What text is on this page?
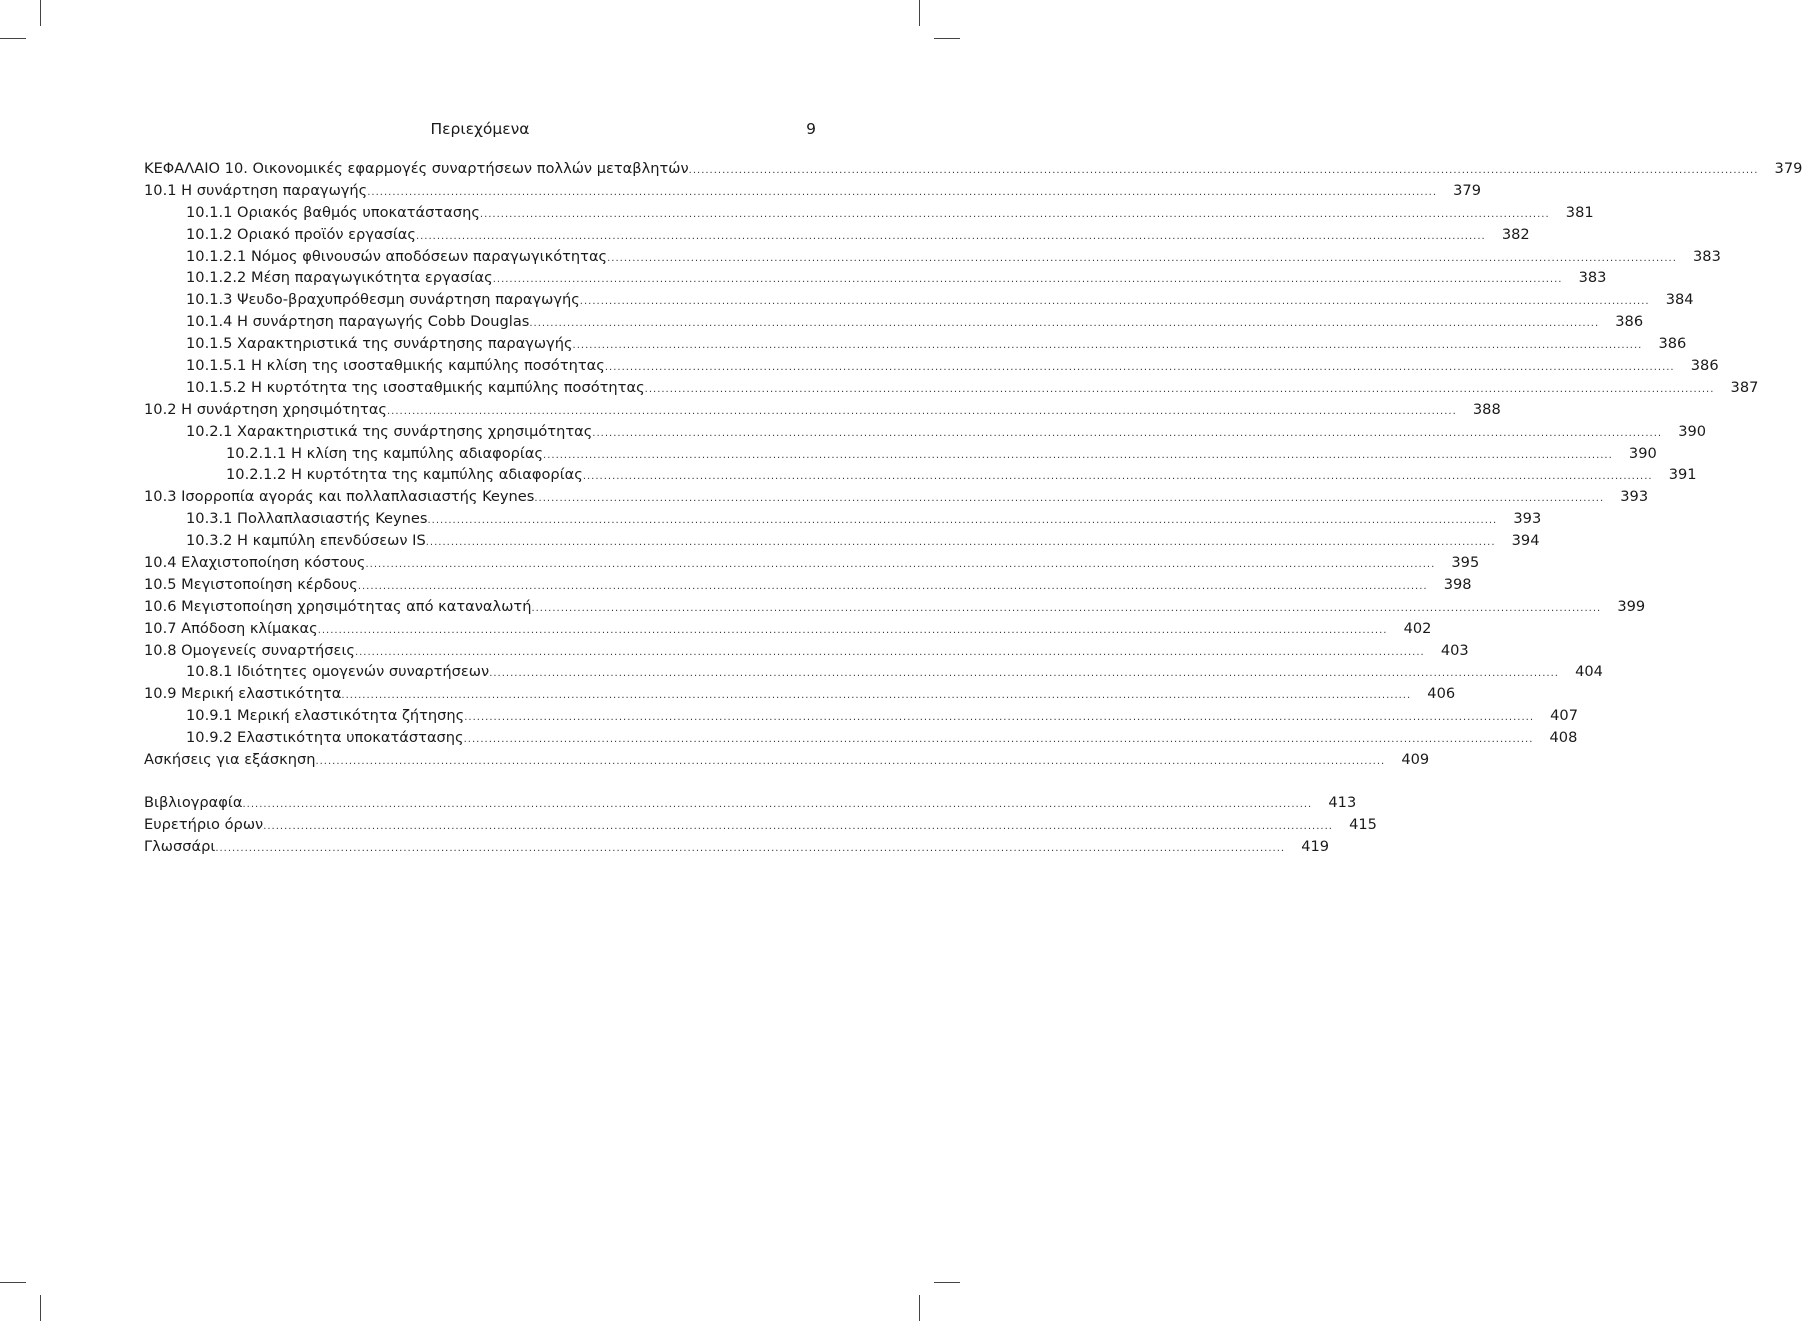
Περιεχόμενα	9
ΚΕΦΑΛΑΙΟ 10. Οικονομικές εφαρμογές συναρτήσεων πολλών μεταβλητών .....	379
10.1 Η συνάρτηση παραγωγής .....	379
10.1.1 Οριακός βαθμός υποκατάστασης .....	381
10.1.2 Οριακό προϊόν εργασίας .....	382
10.1.2.1 Νόμος φθινουσών αποδόσεων παραγωγικότητας .....	383
10.1.2.2 Μέση παραγωγικότητα εργασίας .....	383
10.1.3 Ψευδο-βραχυπρόθεσμη συνάρτηση παραγωγής .....	384
10.1.4 Η συνάρτηση παραγωγής Cobb Douglas .....	386
10.1.5 Χαρακτηριστικά της συνάρτησης παραγωγής .....	386
10.1.5.1 Η κλίση της ισοσταθμικής καμπύλης ποσότητας .....	386
10.1.5.2 Η κυρτότητα της ισοσταθμικής καμπύλης ποσότητας .....	387
10.2 Η συνάρτηση χρησιμότητας .....	388
10.2.1 Χαρακτηριστικά της συνάρτησης χρησιμότητας .....	390
10.2.1.1 Η κλίση της καμπύλης αδιαφορίας .....	390
10.2.1.2 Η κυρτότητα της καμπύλης αδιαφορίας .....	391
10.3 Ισορροπία αγοράς και πολλαπλασιαστής Keynes .....	393
10.3.1 Πολλαπλασιαστής Keynes .....	393
10.3.2 Η καμπύλη επενδύσεων IS .....	394
10.4 Ελαχιστοποίηση κόστους .....	395
10.5 Μεγιστοποίηση κέρδους .....	398
10.6 Μεγιστοποίηση χρησιμότητας από καταναλωτή .....	399
10.7 Απόδοση κλίμακας .....	402
10.8 Ομογενείς συναρτήσεις .....	403
10.8.1 Ιδιότητες ομογενών συναρτήσεων .....	404
10.9 Μερική ελαστικότητα .....	406
10.9.1 Μερική ελαστικότητα ζήτησης .....	407
10.9.2 Ελαστικότητα υποκατάστασης .....	408
Ασκήσεις για εξάσκηση .....	409
Βιβλιογραφία .....	413
Ευρετήριο όρων .....	415
Γλωσσάρι .....	419
